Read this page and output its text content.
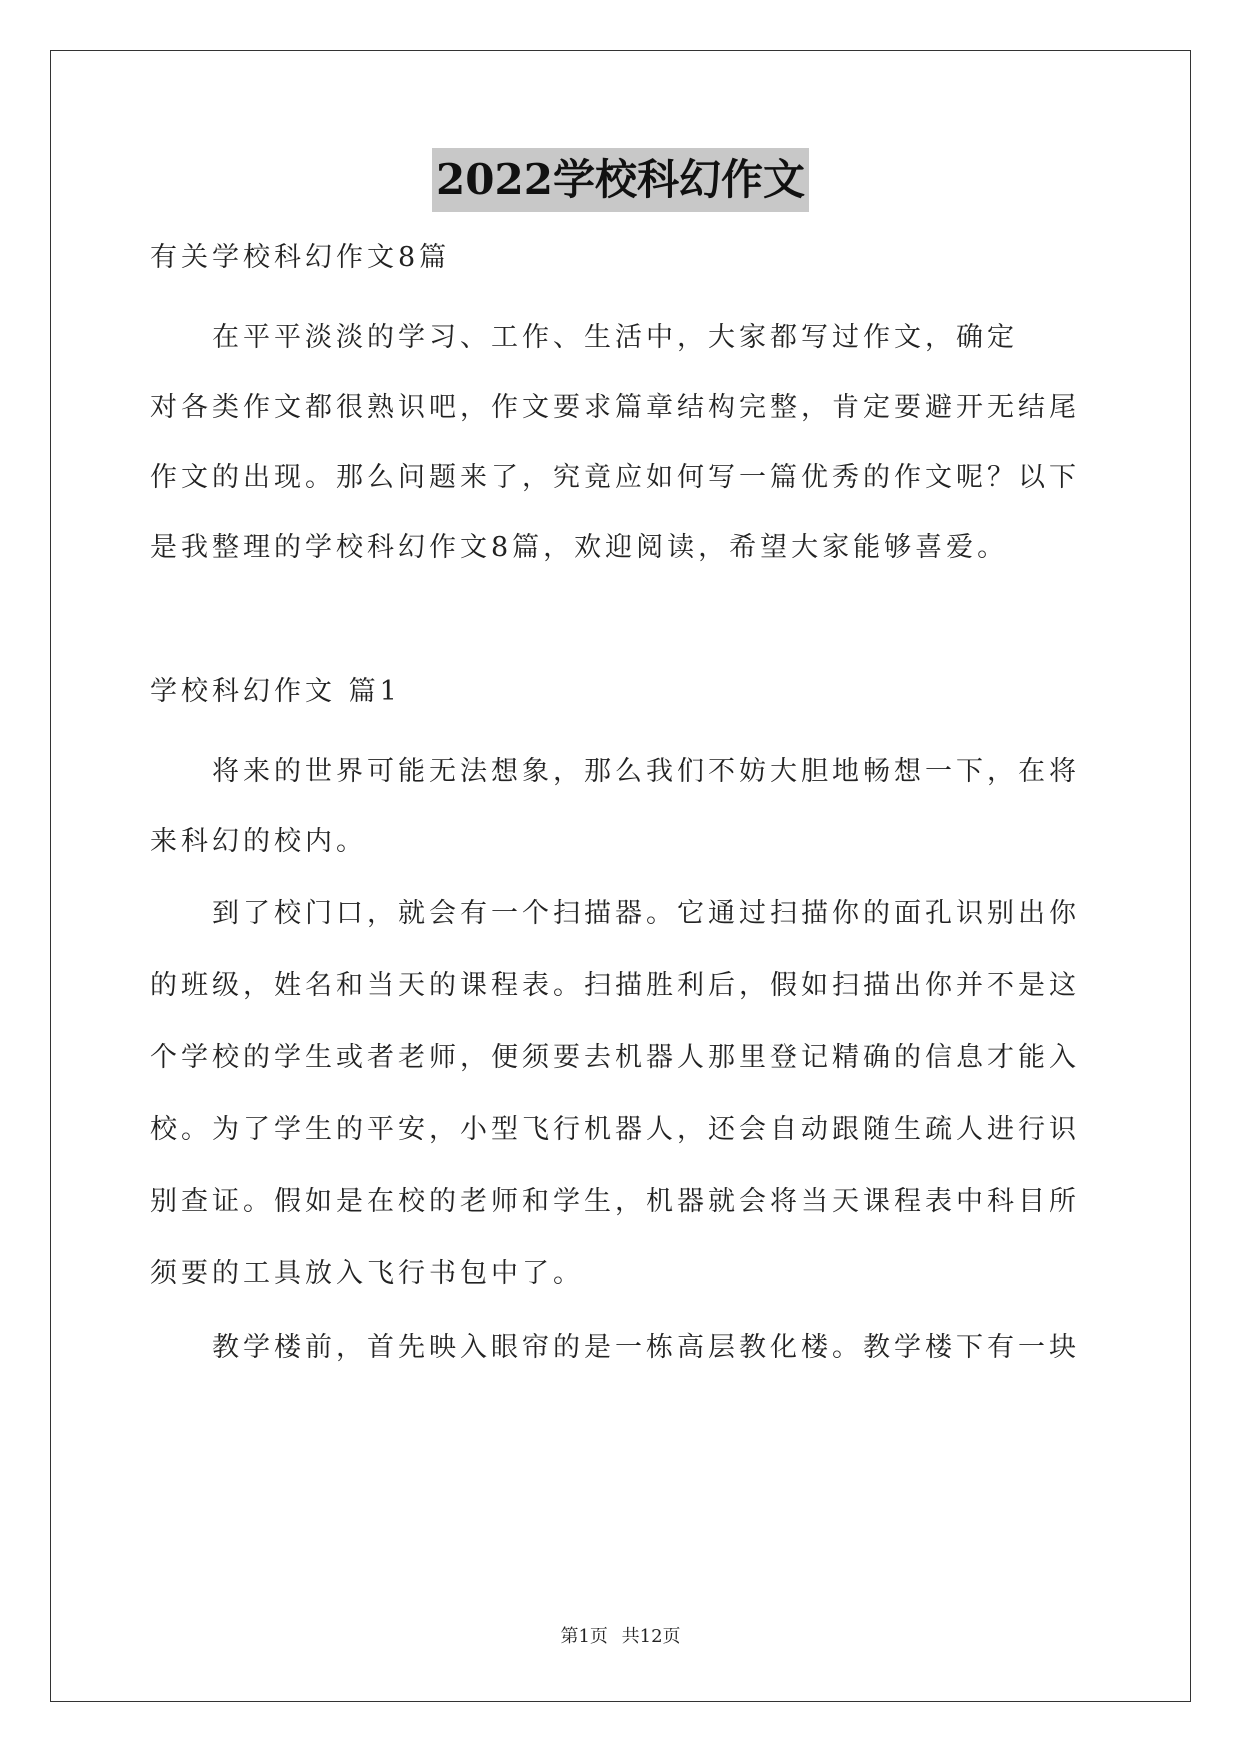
2022学校科幻作文
有关学校科幻作文8篇
　　在平平淡淡的学习、工作、生活中，大家都写过作文，确定
对各类作文都很熟识吧，作文要求篇章结构完整，肯定要避开无结尾
作文的出现。那么问题来了，究竟应如何写一篇优秀的作文呢？以下
是我整理的学校科幻作文8篇，欢迎阅读，希望大家能够喜爱。
学校科幻作文 篇1
　　将来的世界可能无法想象，那么我们不妨大胆地畅想一下，在将
来科幻的校内。
　　到了校门口，就会有一个扫描器。它通过扫描你的面孔识别出你
的班级，姓名和当天的课程表。扫描胜利后，假如扫描出你并不是这
个学校的学生或者老师，便须要去机器人那里登记精确的信息才能入
校。为了学生的平安，小型飞行机器人，还会自动跟随生疏人进行识
别查证。假如是在校的老师和学生，机器就会将当天课程表中科目所
须要的工具放入飞行书包中了。
　　教学楼前，首先映入眼帘的是一栋高层教化楼。教学楼下有一块
第1页 共12页
